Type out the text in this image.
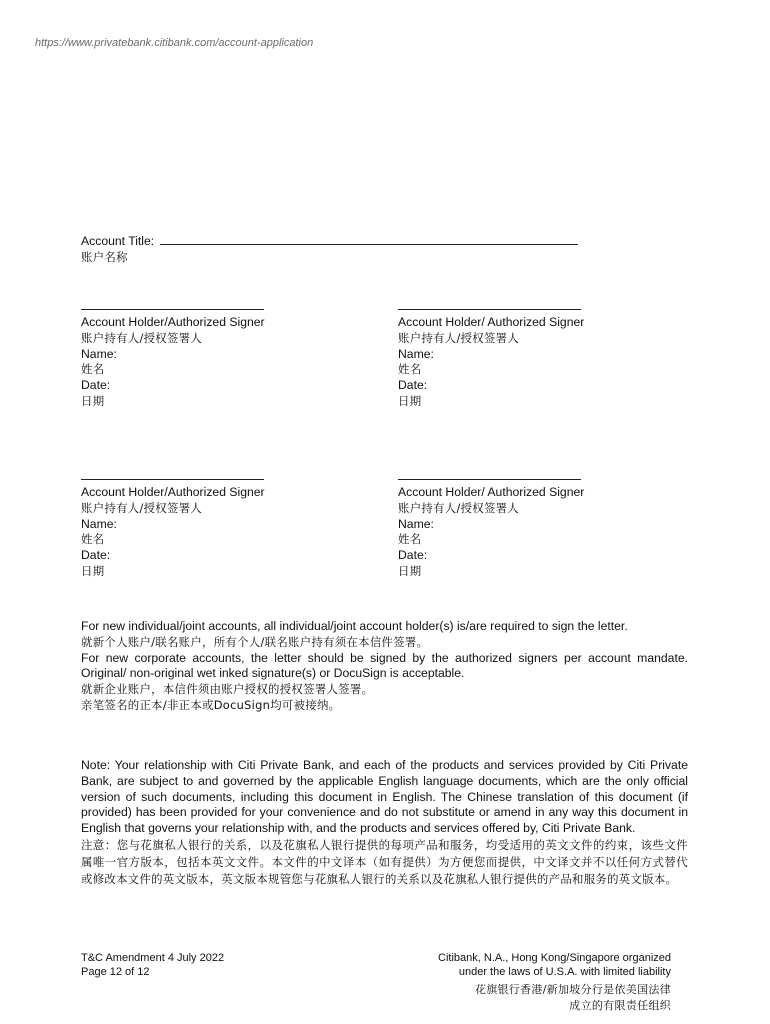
https://www.privatebank.citibank.com/account-application
Account Title:
账户名称
Account Holder/Authorized Signer
账户持有人/授权签署人
Name:
姓名
Date:
日期
Account Holder/ Authorized Signer
账户持有人/授权签署人
Name:
姓名
Date:
日期
Account Holder/Authorized Signer
账户持有人/授权签署人
Name:
姓名
Date:
日期
Account Holder/ Authorized Signer
账户持有人/授权签署人
Name:
姓名
Date:
日期
For new individual/joint accounts, all individual/joint account holder(s) is/are required to sign the letter.
就新个人账户/联名账户，所有个人/联名账户持有须在本信件签署。
For new corporate accounts, the letter should be signed by the authorized signers per account mandate. Original/ non-original wet inked signature(s) or DocuSign is acceptable.
就新企业账户，本信件须由账户授权的授权签署人签署。
亲笔签名的正本/非正本或DocuSign均可被接纳。
Note: Your relationship with Citi Private Bank, and each of the products and services provided by Citi Private Bank, are subject to and governed by the applicable English language documents, which are the only official version of such documents, including this document in English. The Chinese translation of this document (if provided) has been provided for your convenience and do not substitute or amend in any way this document in English that governs your relationship with, and the products and services offered by, Citi Private Bank.
注意：您与花旗私人银行的关系，以及花旗私人银行提供的每项产品和服务，均受适用的英文文件的约束，该些文件属唯一官方版本，包括本英文文件。本文件的中文译本（如有提供）为方便您而提供，中文译文并不以任何方式替代或修改本文件的英文版本，英文版本规管您与花旗私人银行的关系以及花旗私人银行提供的产品和服务的英文版本。
T&C Amendment 4 July 2022
Page 12 of 12
Citibank, N.A., Hong Kong/Singapore organized
under the laws of U.S.A. with limited liability
花旗银行香港/新加坡分行是依美国法律
成立的有限责任组织
